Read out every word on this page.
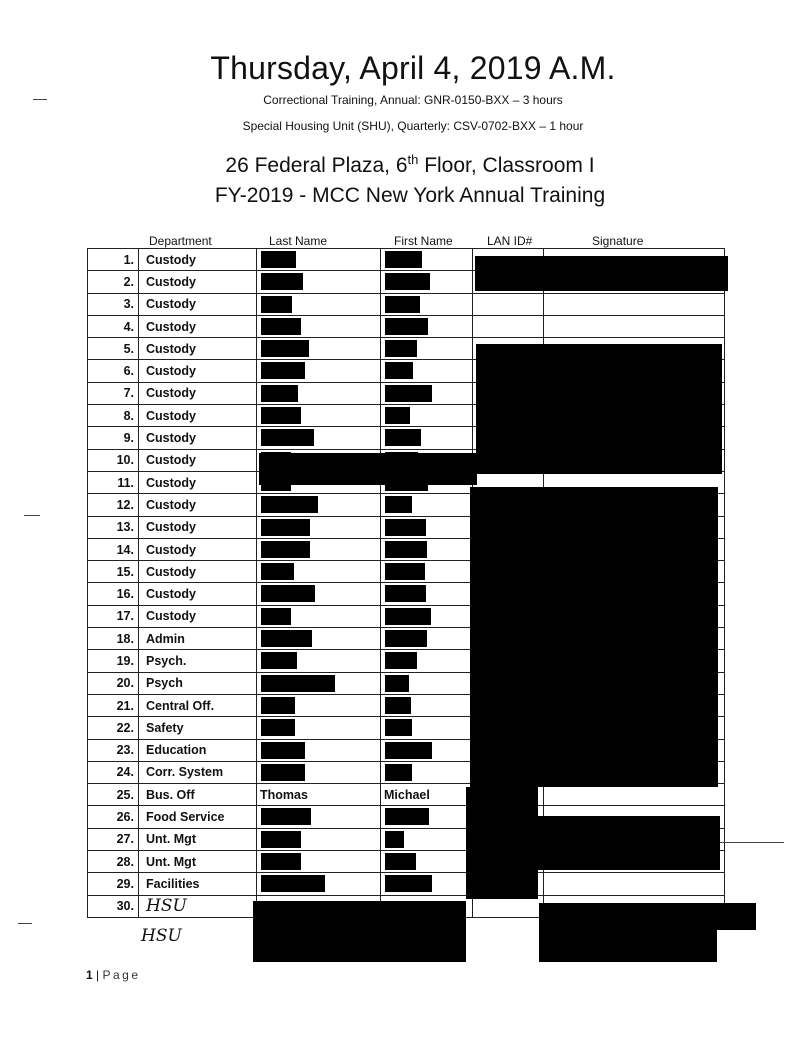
Thursday, April 4, 2019 A.M.

Correctional Training, Annual: GNR-0150-BXX – 3 hours

Special Housing Unit (SHU), Quarterly: CSV-0702-BXX – 1 hour

26 Federal Plaza, 6th Floor, Classroom I

FY-2019 - MCC New York Annual Training

Department	Last Name	First Name	LAN ID#	Signature
1.	Custody	

2.	Custody	

3.	Custody	

4.	Custody	

5.	Custody	

6.	Custody	

7.	Custody	

8.	Custody	

9.	Custody	

10.	Custody	

11.	Custody	

12.	Custody	

13.	Custody	

14.	Custody	

15.	Custody	

16.	Custody	

17.	Custody	

18.	Admin	

19.	Psych.	

20.	Psych	

21.	Central Off.	

22.	Safety	

23.	Education	

24.	Corr. System	

25.	Bus. Off	Thomas	Michael		
26.	Food Service	

27.	Unt. Mgt	

28.	Unt. Mgt	

29.	Facilities	

30.	HSU				
HSU
1 | Page
